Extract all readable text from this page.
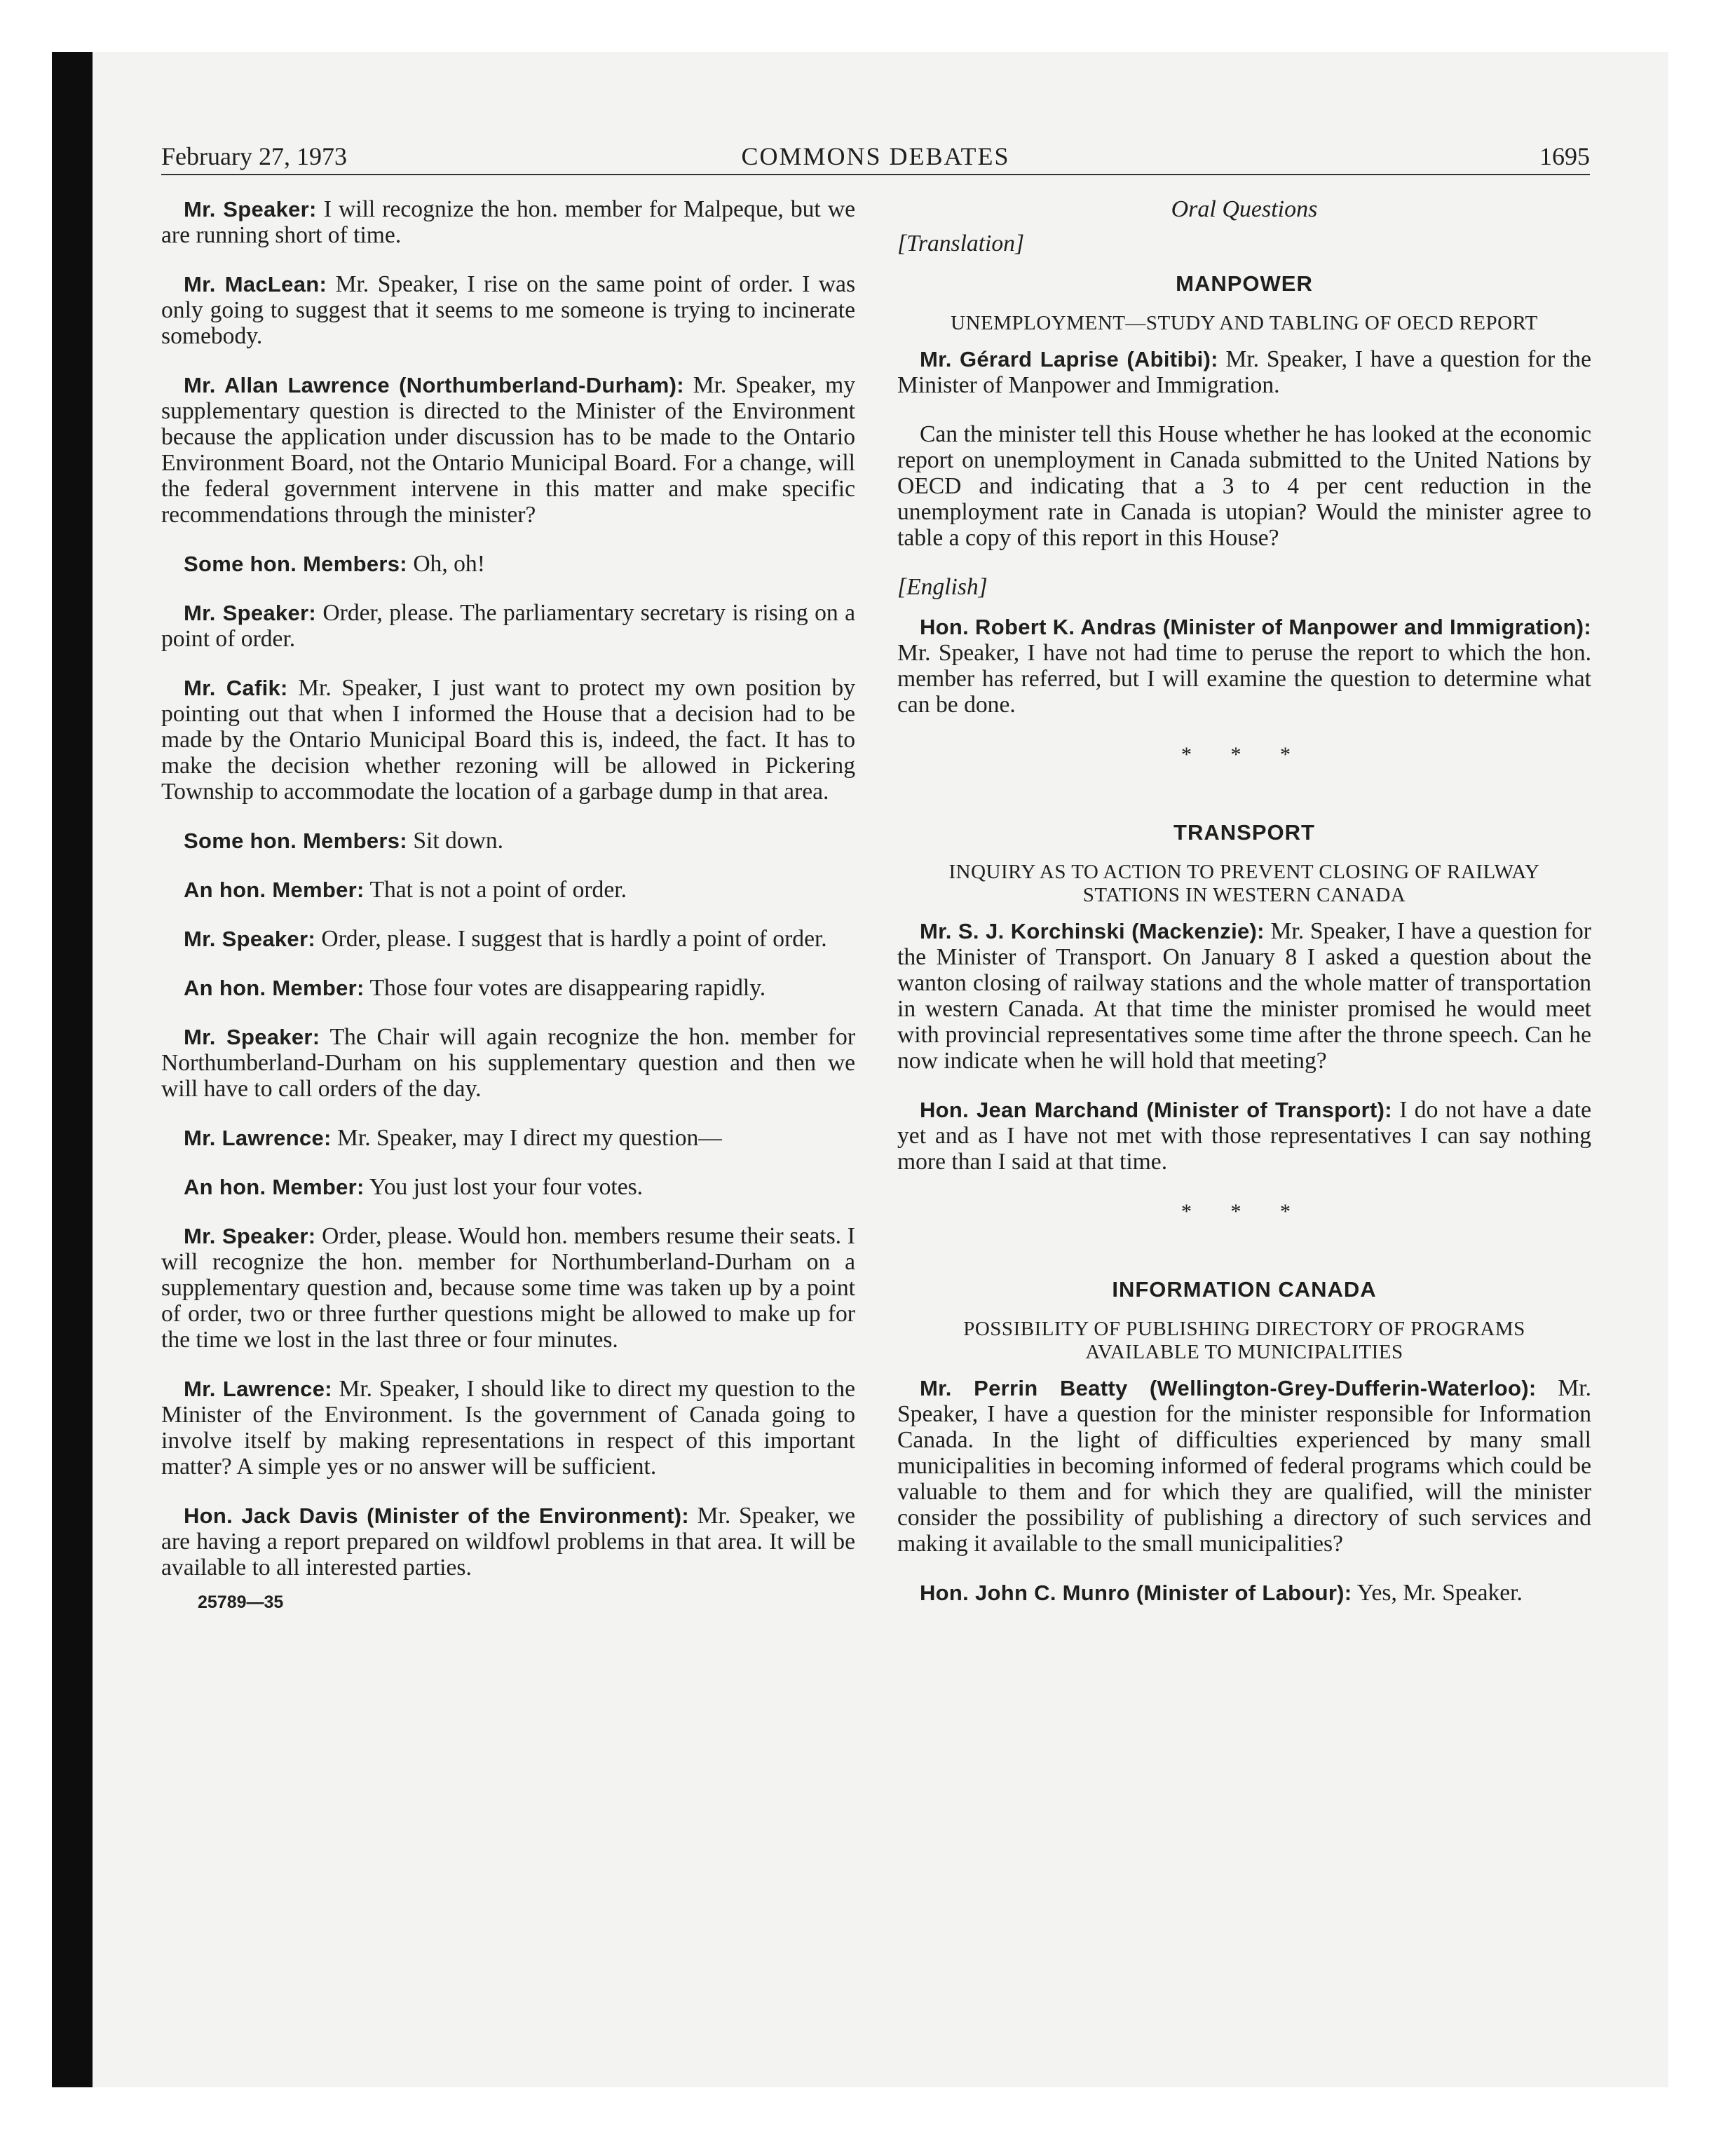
February 27, 1973	COMMONS DEBATES	1695

Mr. Speaker: I will recognize the hon. member for Malpeque, but we are running short of time.

Mr. MacLean: Mr. Speaker, I rise on the same point of order. I was only going to suggest that it seems to me someone is trying to incinerate somebody.

Mr. Allan Lawrence (Northumberland-Durham): Mr. Speaker, my supplementary question is directed to the Minister of the Environment because the application under discussion has to be made to the Ontario Environment Board, not the Ontario Municipal Board. For a change, will the federal government intervene in this matter and make specific recommendations through the minister?

Some hon. Members: Oh, oh!

Mr. Speaker: Order, please. The parliamentary secretary is rising on a point of order.

Mr. Cafik: Mr. Speaker, I just want to protect my own position by pointing out that when I informed the House that a decision had to be made by the Ontario Municipal Board this is, indeed, the fact. It has to make the decision whether rezoning will be allowed in Pickering Township to accommodate the location of a garbage dump in that area.

Some hon. Members: Sit down.

An hon. Member: That is not a point of order.

Mr. Speaker: Order, please. I suggest that is hardly a point of order.

An hon. Member: Those four votes are disappearing rapidly.

Mr. Speaker: The Chair will again recognize the hon. member for Northumberland-Durham on his supplementary question and then we will have to call orders of the day.

Mr. Lawrence: Mr. Speaker, may I direct my question—

An hon. Member: You just lost your four votes.

Mr. Speaker: Order, please. Would hon. members resume their seats. I will recognize the hon. member for Northumberland-Durham on a supplementary question and, because some time was taken up by a point of order, two or three further questions might be allowed to make up for the time we lost in the last three or four minutes.

Mr. Lawrence: Mr. Speaker, I should like to direct my question to the Minister of the Environment. Is the government of Canada going to involve itself by making representations in respect of this important matter? A simple yes or no answer will be sufficient.

Hon. Jack Davis (Minister of the Environment): Mr. Speaker, we are having a report prepared on wildfowl problems in that area. It will be available to all interested parties.

25789—35
Oral Questions
[Translation]
MANPOWER
UNEMPLOYMENT—STUDY AND TABLING OF OECD REPORT

Mr. Gérard Laprise (Abitibi): Mr. Speaker, I have a question for the Minister of Manpower and Immigration.

Can the minister tell this House whether he has looked at the economic report on unemployment in Canada submitted to the United Nations by OECD and indicating that a 3 to 4 per cent reduction in the unemployment rate in Canada is utopian? Would the minister agree to table a copy of this report in this House?

[English]

Hon. Robert K. Andras (Minister of Manpower and Immigration): Mr. Speaker, I have not had time to peruse the report to which the hon. member has referred, but I will examine the question to determine what can be done.

* * *
TRANSPORT
INQUIRY AS TO ACTION TO PREVENT CLOSING OF RAILWAY STATIONS IN WESTERN CANADA

Mr. S. J. Korchinski (Mackenzie): Mr. Speaker, I have a question for the Minister of Transport. On January 8 I asked a question about the wanton closing of railway stations and the whole matter of transportation in western Canada. At that time the minister promised he would meet with provincial representatives some time after the throne speech. Can he now indicate when he will hold that meeting?

Hon. Jean Marchand (Minister of Transport): I do not have a date yet and as I have not met with those representatives I can say nothing more than I said at that time.

* * *
INFORMATION CANADA
POSSIBILITY OF PUBLISHING DIRECTORY OF PROGRAMS AVAILABLE TO MUNICIPALITIES

Mr. Perrin Beatty (Wellington-Grey-Dufferin-Waterloo): Mr. Speaker, I have a question for the minister responsible for Information Canada. In the light of difficulties experienced by many small municipalities in becoming informed of federal programs which could be valuable to them and for which they are qualified, will the minister consider the possibility of publishing a directory of such services and making it available to the small municipalities?

Hon. John C. Munro (Minister of Labour): Yes, Mr. Speaker.
